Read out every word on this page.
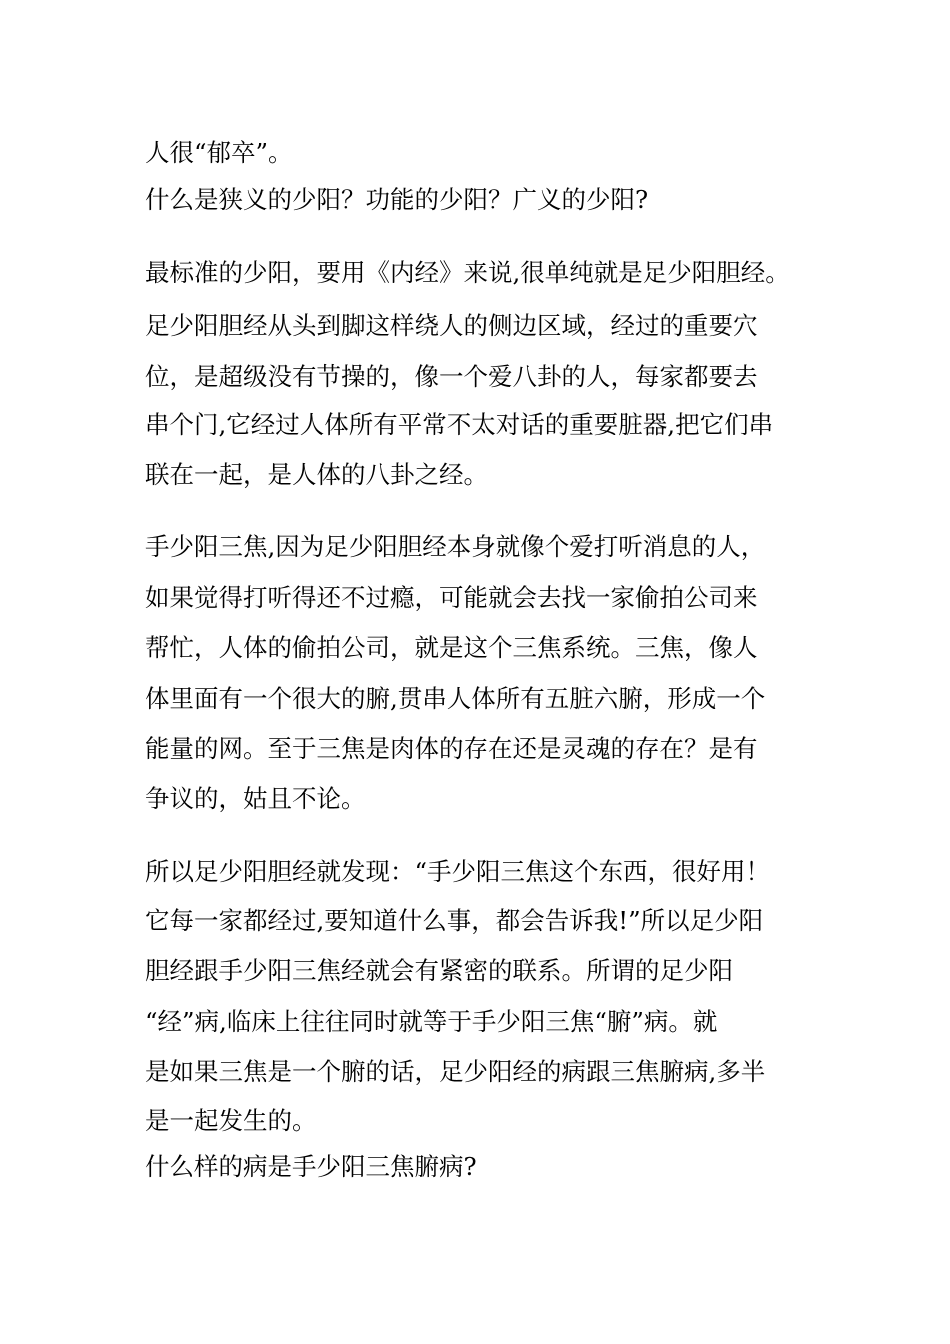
人很“郁卒”。
什么是狭义的少阳？功能的少阳？广义的少阳?
最标准的少阳，要用《内经》来说,很单纯就是足少阳胆经。
足少阳胆经从头到脚这样绕人的侧边区域，经过的重要穴
位，是超级没有节操的，像一个爱八卦的人，每家都要去
串个门,它经过人体所有平常不太对话的重要脏器,把它们串
联在一起，是人体的八卦之经。
手少阳三焦,因为足少阳胆经本身就像个爱打听消息的人，
如果觉得打听得还不过瘾，可能就会去找一家偷拍公司来
帮忙，人体的偷拍公司，就是这个三焦系统。三焦，像人
体里面有一个很大的腑,贯串人体所有五脏六腑，形成一个
能量的网。至于三焦是肉体的存在还是灵魂的存在？是有
争议的，姑且不论。
所以足少阳胆经就发现：“手少阳三焦这个东西，很好用！
它每一家都经过,要知道什么事，都会告诉我!”所以足少阳
胆经跟手少阳三焦经就会有紧密的联系。所谓的足少阳
“经”病,临床上往往同时就等于手少阳三焦“腑”病。就
是如果三焦是一个腑的话，足少阳经的病跟三焦腑病,多半
是一起发生的。
什么样的病是手少阳三焦腑病?
